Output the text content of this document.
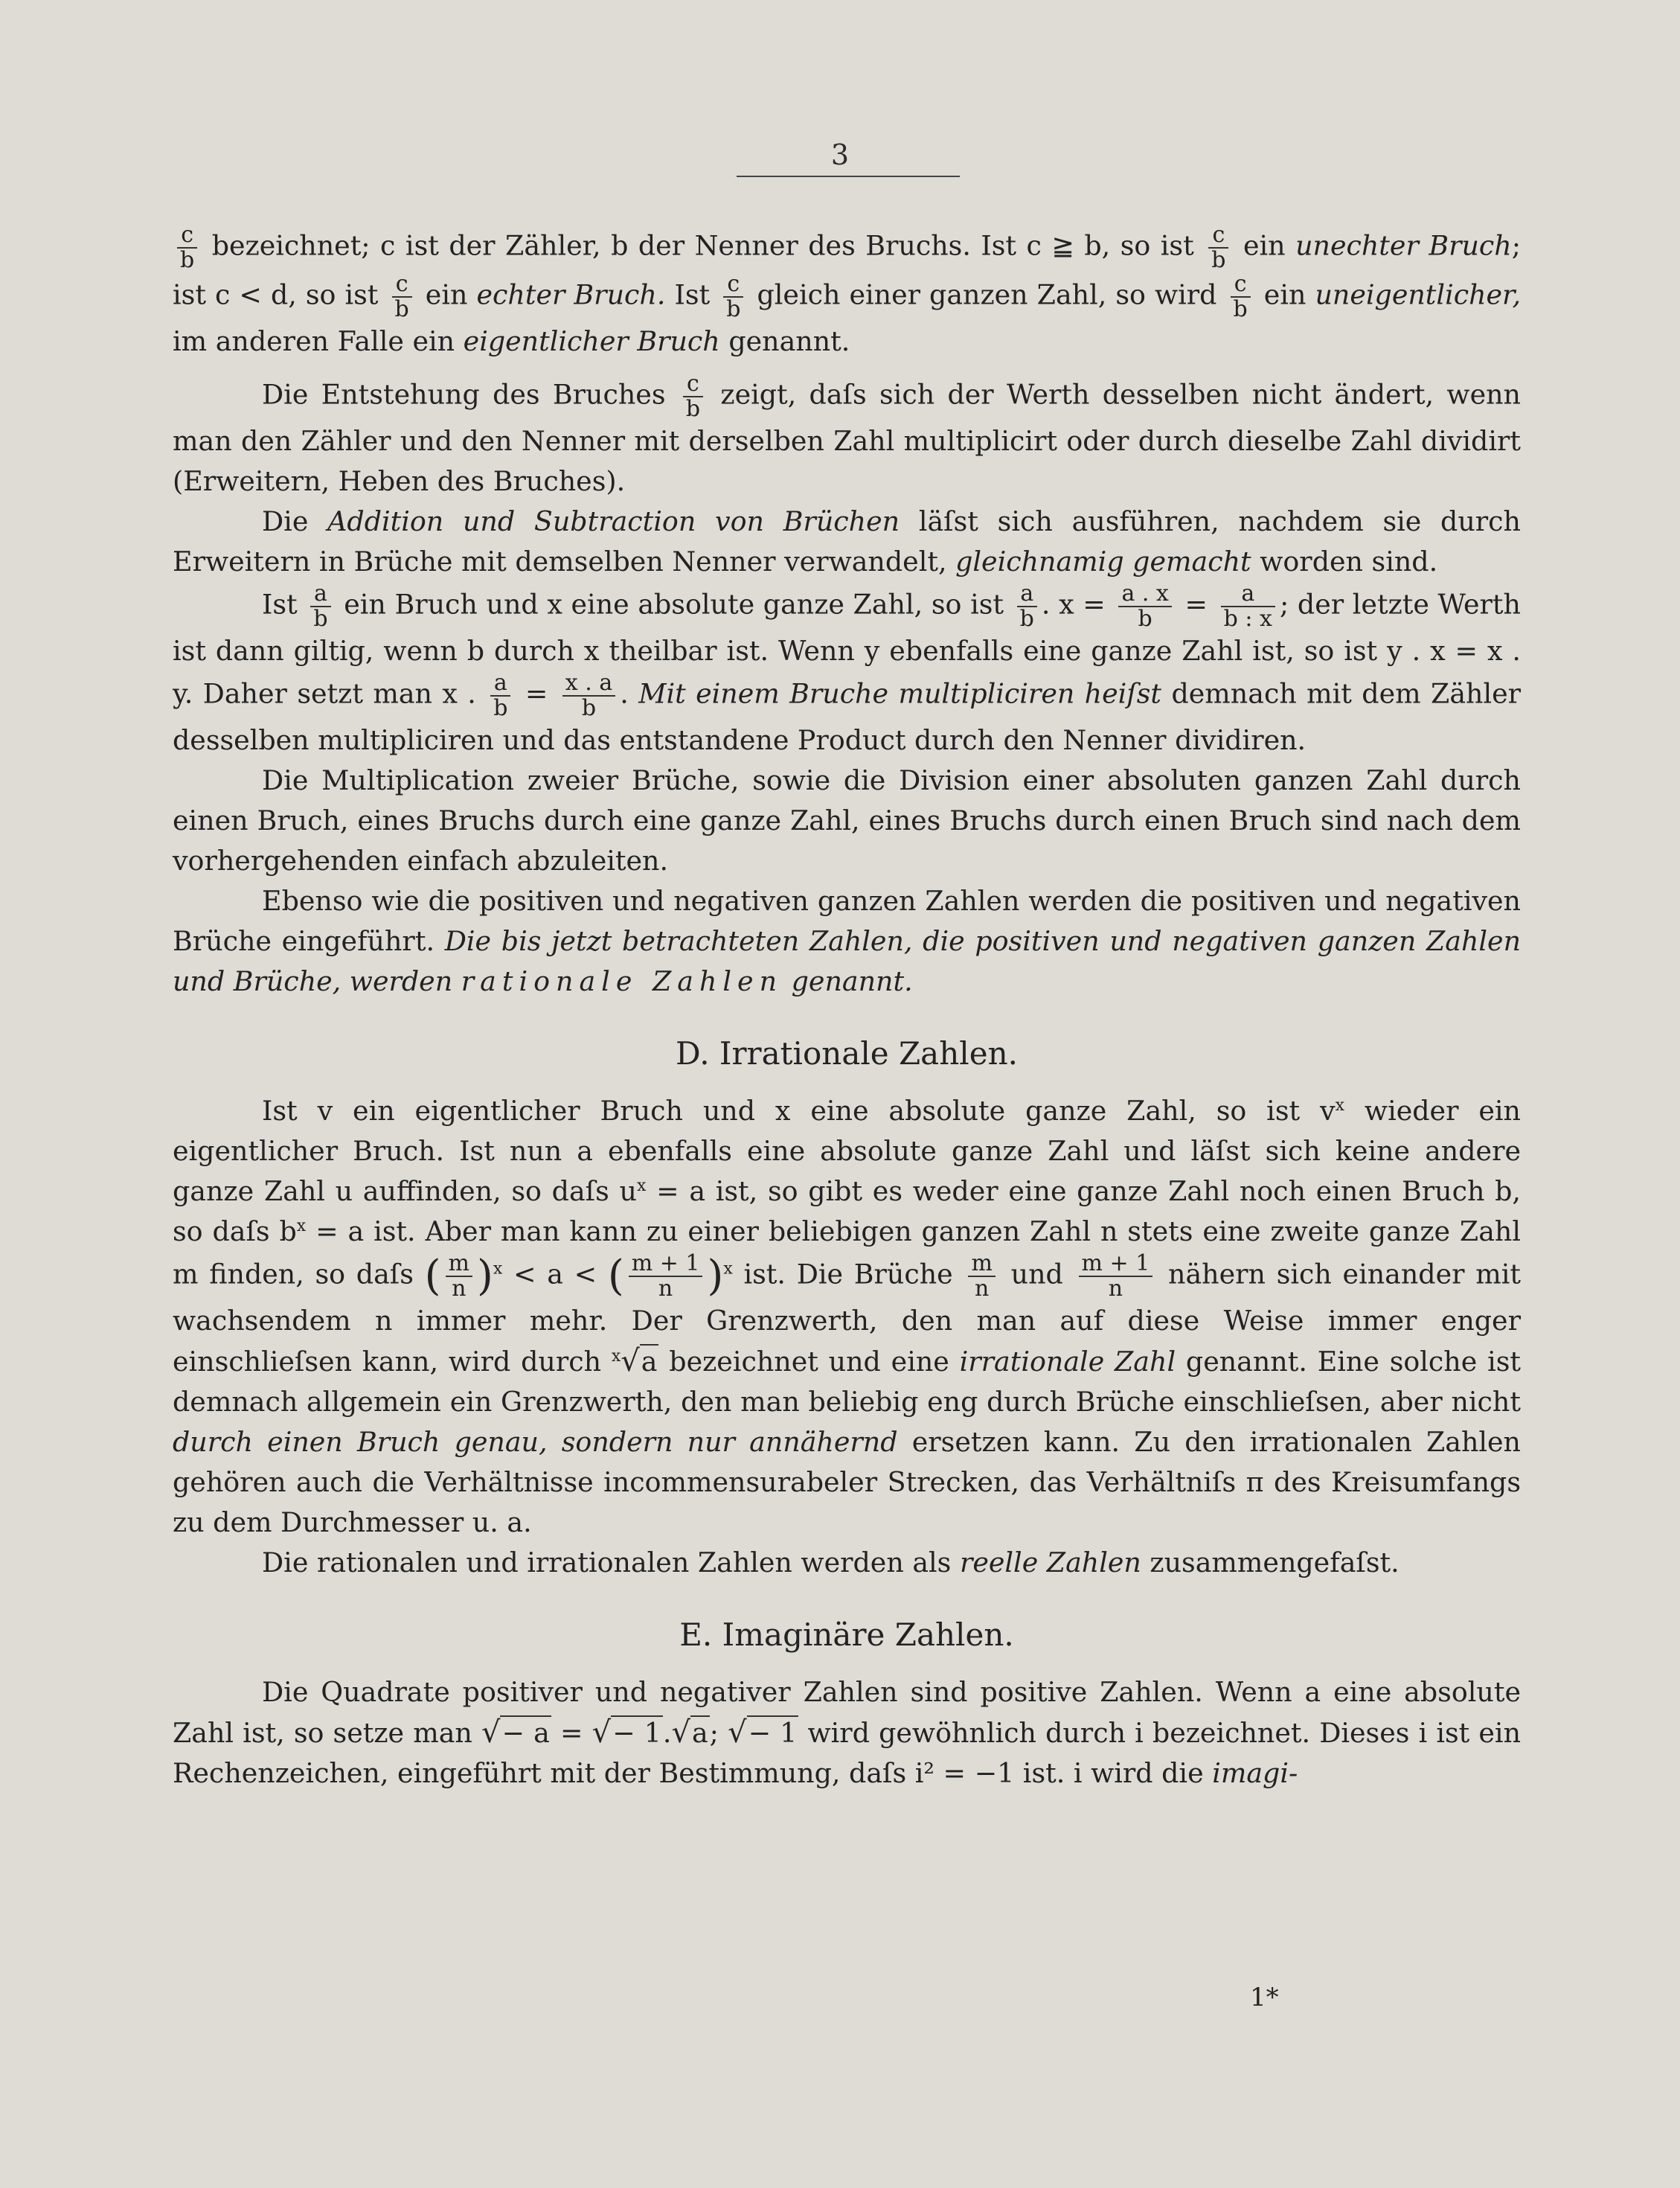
3

$\frac{c}{b}$ bezeichnet; c ist der Zähler, b der Nenner des Bruchs. Ist c ≧ b, so ist $\frac{c}{b}$ ein unechter Bruch; ist c < d, so ist $\frac{c}{b}$ ein echter Bruch. Ist $\frac{c}{b}$ gleich einer ganzen Zahl, so wird $\frac{c}{b}$ ein uneigentlicher, im anderen Falle ein eigentlicher Bruch genannt.

Die Entstehung des Bruches $\frac{c}{b}$ zeigt, daſs sich der Werth desselben nicht ändert, wenn man den Zähler und den Nenner mit derselben Zahl multiplicirt oder durch dieselbe Zahl dividirt (Erweitern, Heben des Bruches).

Die Addition und Subtraction von Brüchen läſst sich ausführen, nachdem sie durch Erweitern in Brüche mit demselben Nenner verwandelt, gleichnamig gemacht worden sind.

Ist $\frac{a}{b}$ ein Bruch und x eine absolute ganze Zahl, so ist $\frac{a}{b}$ . $x = \frac{a . x}{b} = \frac{a}{b : x}$ ; der letzte Werth ist dann giltig, wenn b durch x theilbar ist. Wenn y ebenfalls eine ganze Zahl ist, so ist y . x = x . y. Daher setzt man x . $\frac{a}{b} = \frac{x . a}{b}$ . Mit einem Bruche multipliciren heiſst demnach mit dem Zähler desselben multipliciren und das entstandene Product durch den Nenner dividiren.

Die Multiplication zweier Brüche, sowie die Division einer absoluten ganzen Zahl durch einen Bruch, eines Bruchs durch eine ganze Zahl, eines Bruchs durch einen Bruch sind nach dem vorhergehenden einfach abzuleiten.

Ebenso wie die positiven und negativen ganzen Zahlen werden die positiven und negativen Brüche eingeführt. Die bis jetzt betrachteten Zahlen, die positiven und negativen ganzen Zahlen und Brüche, werden rationale Zahlen genannt.

D. Irrationale Zahlen.

Ist v ein eigentlicher Bruch und x eine absolute ganze Zahl, so ist $v^x$ wieder ein eigentlicher Bruch. Ist nun a ebenfalls eine absolute ganze Zahl und läſst sich keine andere ganze Zahl u auffinden, so daſs $u^x = a$ ist, so gibt es weder eine ganze Zahl noch einen Bruch b, so daſs $b^x = a$ ist. Aber man kann zu einer beliebigen ganzen Zahl n stets eine zweite ganze Zahl m finden, so daſs ( $\frac{m}{n} )^x < a$ < ( $\frac{m + 1}{n} )^x$ ist. Die Brüche $\frac{m}{n}$ und $\frac{m + 1}{n}$ nähern sich einander mit wachsendem n immer mehr. Der Grenzwerth, den man auf diese Weise immer enger einschlieſsen kann, wird durch $^x$√a bezeichnet und eine irrationale Zahl genannt. Eine solche ist demnach allgemein ein Grenzwerth, den man beliebig eng durch Brüche einschlieſsen, aber nicht durch einen Bruch genau, sondern nur annähernd ersetzen kann. Zu den irrationalen Zahlen gehören auch die Verhältnisse incommensurabeler Strecken, das Verhältniſs π des Kreisumfangs zu dem Durchmesser u. a.

Die rationalen und irrationalen Zahlen werden als reelle Zahlen zusammengefaſst.

E. Imaginäre Zahlen.

Die Quadrate positiver und negativer Zahlen sind positive Zahlen. Wenn a eine absolute Zahl ist, so setze man √− a = √− 1.√a; √− 1 wird gewöhnlich durch i bezeichnet. Dieses i ist ein Rechenzeichen, eingeführt mit der Bestimmung, daſs i² = −1 ist. i wird die imagi-

1*
